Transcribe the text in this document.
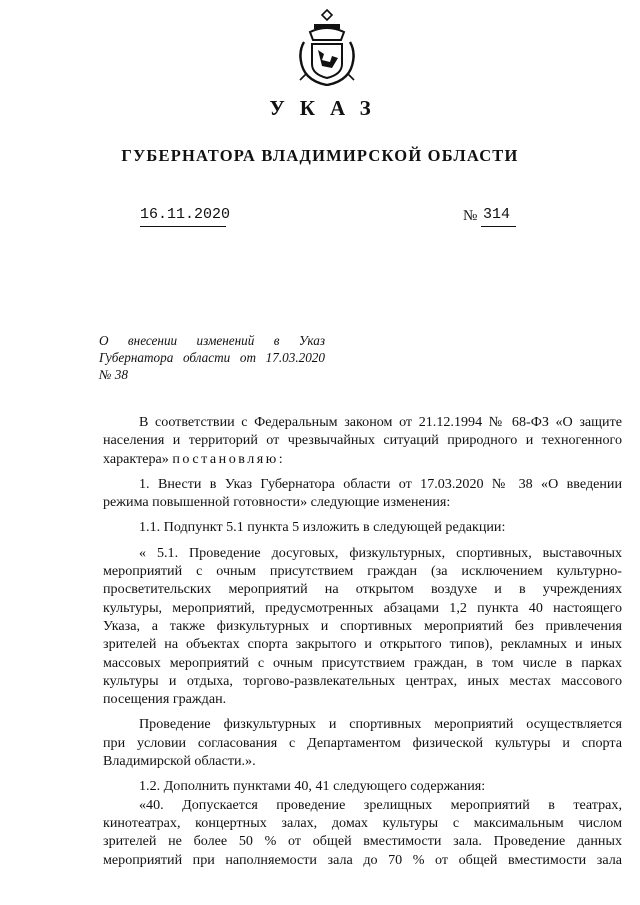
УКАЗ
ГУБЕРНАТОРА ВЛАДИМИРСКОЙ ОБЛАСТИ
16.11.2020	№ 314
О внесении изменений в Указ
Губернатора области от 17.03.2020
№ 38

В соответствии с Федеральным законом от 21.12.1994 № 68-ФЗ «О защите
населения и территорий от чрезвычайных ситуаций природного и техногенного
характера» постановляю:

1. Внести в Указ Губернатора области от 17.03.2020 № 38 «О введении
режима повышенной готовности» следующие изменения:

1.1. Подпункт 5.1 пункта 5 изложить в следующей редакции:

« 5.1. Проведение досуговых, физкультурных, спортивных, выставочных
мероприятий с очным присутствием граждан (за исключением культурно-
просветительских мероприятий на открытом воздухе и в учреждениях
культуры, мероприятий, предусмотренных абзацами 1,2 пункта 40 настоящего
Указа, а также физкультурных и спортивных мероприятий без привлечения
зрителей на объектах спорта закрытого и открытого типов), рекламных и иных
массовых мероприятий с очным присутствием граждан, в том числе в парках
культуры и отдыха, торгово-развлекательных центрах, иных местах массового
посещения граждан.

Проведение физкультурных и спортивных мероприятий осуществляется
при условии согласования с Департаментом физической культуры и спорта
Владимирской области.».

1.2. Дополнить пунктами 40, 41 следующего содержания:

«40. Допускается проведение зрелищных мероприятий в театрах,
кинотеатрах, концертных залах, домах культуры с максимальным числом
зрителей не более 50 % от общей вместимости зала. Проведение данных
мероприятий при наполняемости зала до 70 % от общей вместимости зала
